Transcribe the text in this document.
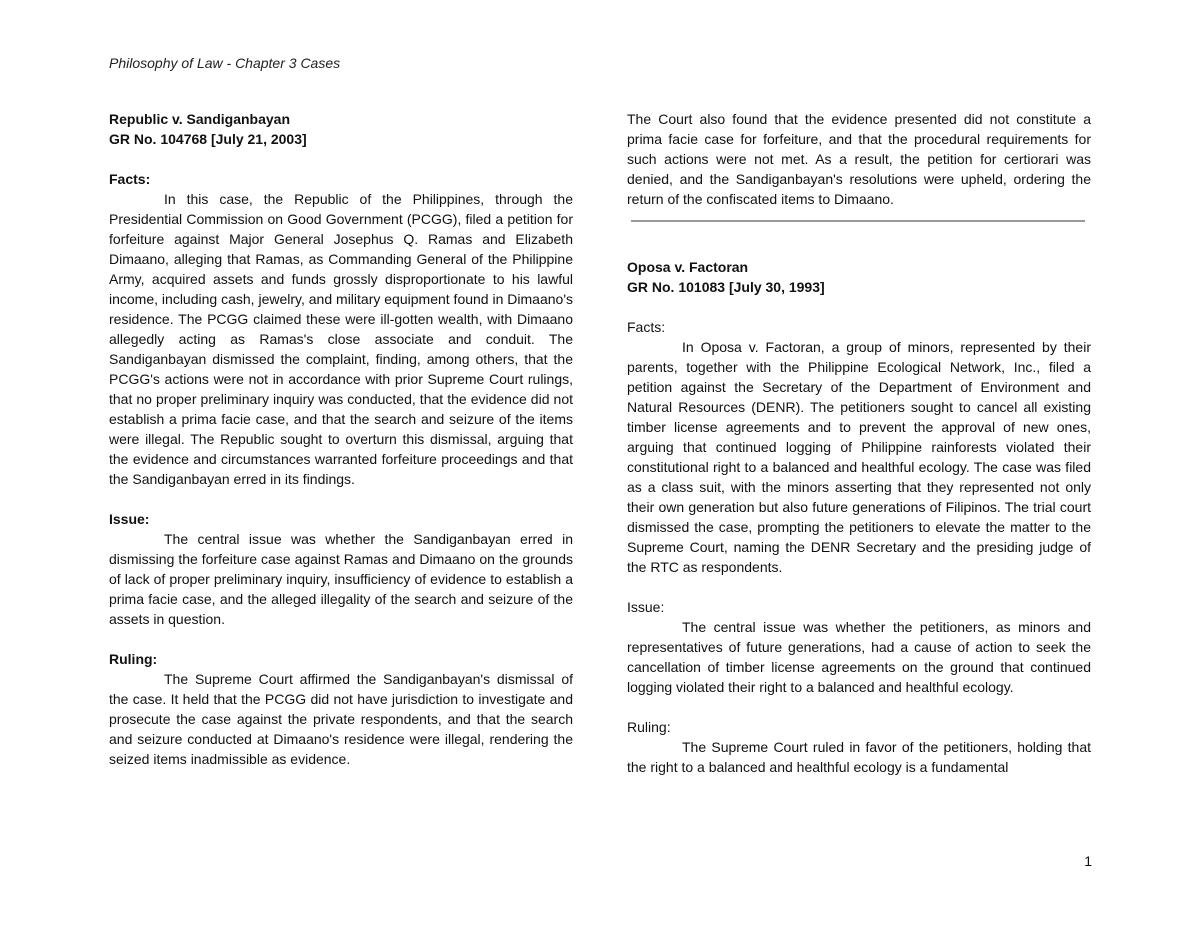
Philosophy of Law - Chapter 3 Cases

Republic v. Sandiganbayan

GR No. 104768 [July 21, 2003]

Facts:

In this case, the Republic of the Philippines, through the Presidential Commission on Good Government (PCGG), filed a petition for forfeiture against Major General Josephus Q. Ramas and Elizabeth Dimaano, alleging that Ramas, as Commanding General of the Philippine Army, acquired assets and funds grossly disproportionate to his lawful income, including cash, jewelry, and military equipment found in Dimaano's residence. The PCGG claimed these were ill-gotten wealth, with Dimaano allegedly acting as Ramas's close associate and conduit. The Sandiganbayan dismissed the complaint, finding, among others, that the PCGG's actions were not in accordance with prior Supreme Court rulings, that no proper preliminary inquiry was conducted, that the evidence did not establish a prima facie case, and that the search and seizure of the items were illegal. The Republic sought to overturn this dismissal, arguing that the evidence and circumstances warranted forfeiture proceedings and that the Sandiganbayan erred in its findings.

Issue:

The central issue was whether the Sandiganbayan erred in dismissing the forfeiture case against Ramas and Dimaano on the grounds of lack of proper preliminary inquiry, insufficiency of evidence to establish a prima facie case, and the alleged illegality of the search and seizure of the assets in question.

Ruling:

The Supreme Court affirmed the Sandiganbayan's dismissal of the case. It held that the PCGG did not have jurisdiction to investigate and prosecute the case against the private respondents, and that the search and seizure conducted at Dimaano's residence were illegal, rendering the seized items inadmissible as evidence.

The Court also found that the evidence presented did not constitute a prima facie case for forfeiture, and that the procedural requirements for such actions were not met. As a result, the petition for certiorari was denied, and the Sandiganbayan's resolutions were upheld, ordering the return of the confiscated items to Dimaano.

Oposa v. Factoran

GR No. 101083 [July 30, 1993]

Facts:

In Oposa v. Factoran, a group of minors, represented by their parents, together with the Philippine Ecological Network, Inc., filed a petition against the Secretary of the Department of Environment and Natural Resources (DENR). The petitioners sought to cancel all existing timber license agreements and to prevent the approval of new ones, arguing that continued logging of Philippine rainforests violated their constitutional right to a balanced and healthful ecology. The case was filed as a class suit, with the minors asserting that they represented not only their own generation but also future generations of Filipinos. The trial court dismissed the case, prompting the petitioners to elevate the matter to the Supreme Court, naming the DENR Secretary and the presiding judge of the RTC as respondents.

Issue:

The central issue was whether the petitioners, as minors and representatives of future generations, had a cause of action to seek the cancellation of timber license agreements on the ground that continued logging violated their right to a balanced and healthful ecology.

Ruling:

The Supreme Court ruled in favor of the petitioners, holding that the right to a balanced and healthful ecology is a fundamental

1
